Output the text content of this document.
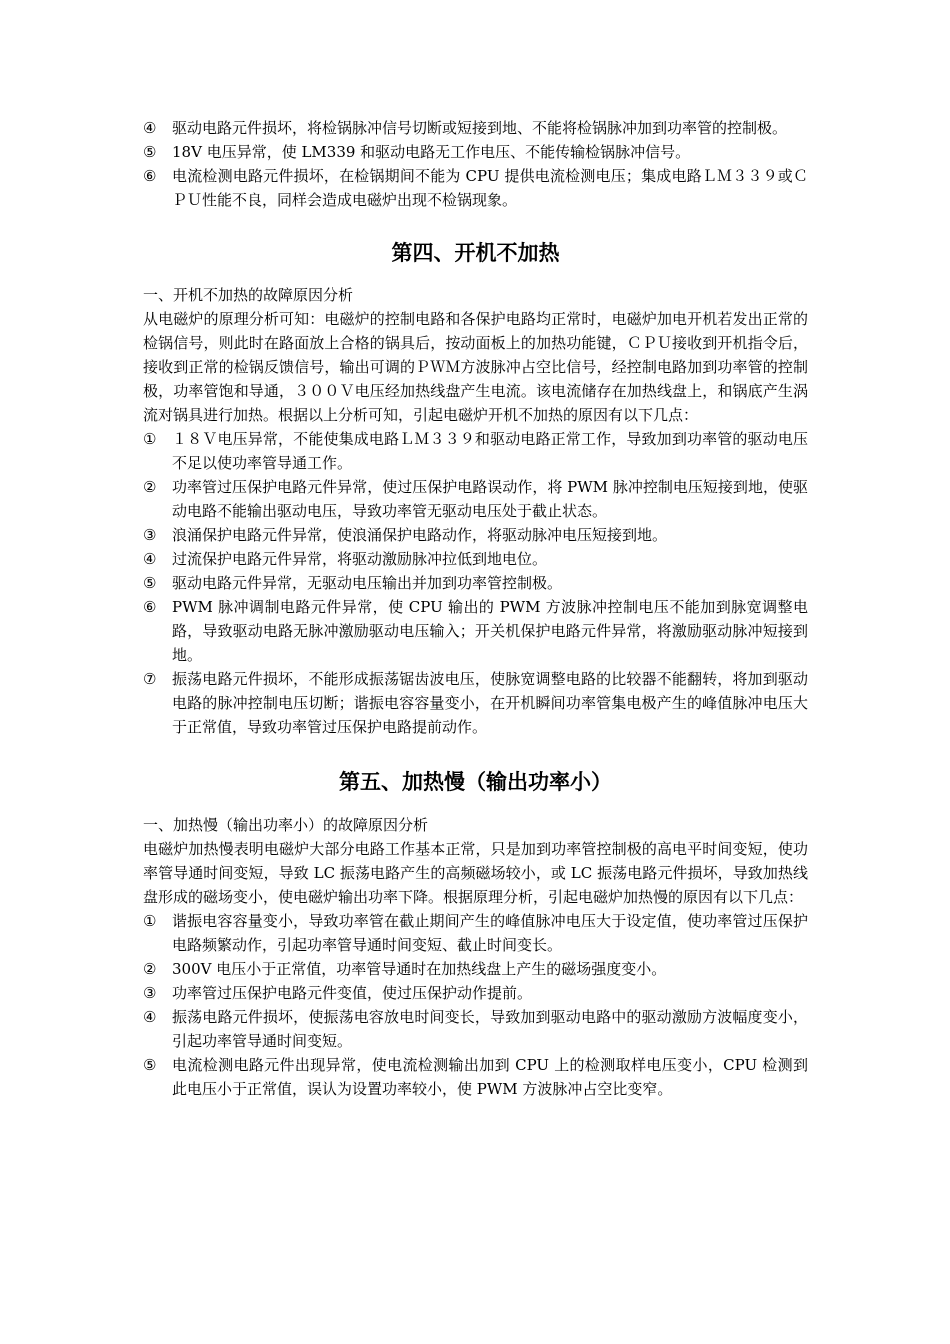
④	驱动电路元件损坏，将检锅脉冲信号切断或短接到地、不能将检锅脉冲加到功率管的控制极。
⑤	18V 电压异常，使 LM339 和驱动电路无工作电压、不能传输检锅脉冲信号。
⑥	电流检测电路元件损坏，在检锅期间不能为 CPU 提供电流检测电压；集成电路ＬＭ３３９或ＣＰＵ性能不良，同样会造成电磁炉出现不检锅现象。
第四、开机不加热

一、开机不加热的故障原因分析

从电磁炉的原理分析可知：电磁炉的控制电路和各保护电路均正常时，电磁炉加电开机若发出正常的检锅信号，则此时在路面放上合格的锅具后，按动面板上的加热功能键，ＣＰＵ接收到开机指令后，接收到正常的检锅反馈信号，输出可调的ＰＷＭ方波脉冲占空比信号，经控制电路加到功率管的控制极，功率管饱和导通，３００Ｖ电压经加热线盘产生电流。该电流储存在加热线盘上，和锅底产生涡流对锅具进行加热。根据以上分析可知，引起电磁炉开机不加热的原因有以下几点：

①	１８Ｖ电压异常，不能使集成电路ＬＭ３３９和驱动电路正常工作，导致加到功率管的驱动电压不足以使功率管导通工作。
②	功率管过压保护电路元件异常，使过压保护电路误动作，将 PWM 脉冲控制电压短接到地，使驱动电路不能输出驱动电压，导致功率管无驱动电压处于截止状态。
③	浪涌保护电路元件异常，使浪涌保护电路动作，将驱动脉冲电压短接到地。
④	过流保护电路元件异常，将驱动激励脉冲拉低到地电位。
⑤	驱动电路元件异常，无驱动电压输出并加到功率管控制极。
⑥	PWM 脉冲调制电路元件异常，使 CPU 输出的 PWM 方波脉冲控制电压不能加到脉宽调整电路，导致驱动电路无脉冲激励驱动电压输入；开关机保护电路元件异常，将激励驱动脉冲短接到地。
⑦	振荡电路元件损坏，不能形成振荡锯齿波电压，使脉宽调整电路的比较器不能翻转，将加到驱动电路的脉冲控制电压切断；谐振电容容量变小，在开机瞬间功率管集电极产生的峰值脉冲电压大于正常值，导致功率管过压保护电路提前动作。
第五、加热慢（输出功率小）

一、加热慢（输出功率小）的故障原因分析

电磁炉加热慢表明电磁炉大部分电路工作基本正常，只是加到功率管控制极的高电平时间变短，使功率管导通时间变短，导致 LC 振荡电路产生的高频磁场较小，或 LC 振荡电路元件损坏，导致加热线盘形成的磁场变小，使电磁炉输出功率下降。根据原理分析，引起电磁炉加热慢的原因有以下几点：

①	谐振电容容量变小，导致功率管在截止期间产生的峰值脉冲电压大于设定值，使功率管过压保护电路频繁动作，引起功率管导通时间变短、截止时间变长。
②	300V 电压小于正常值，功率管导通时在加热线盘上产生的磁场强度变小。
③	功率管过压保护电路元件变值，使过压保护动作提前。
④	振荡电路元件损坏，使振荡电容放电时间变长，导致加到驱动电路中的驱动激励方波幅度变小，引起功率管导通时间变短。
⑤	电流检测电路元件出现异常，使电流检测输出加到 CPU 上的检测取样电压变小，CPU 检测到此电压小于正常值，误认为设置功率较小，使 PWM 方波脉冲占空比变窄。
